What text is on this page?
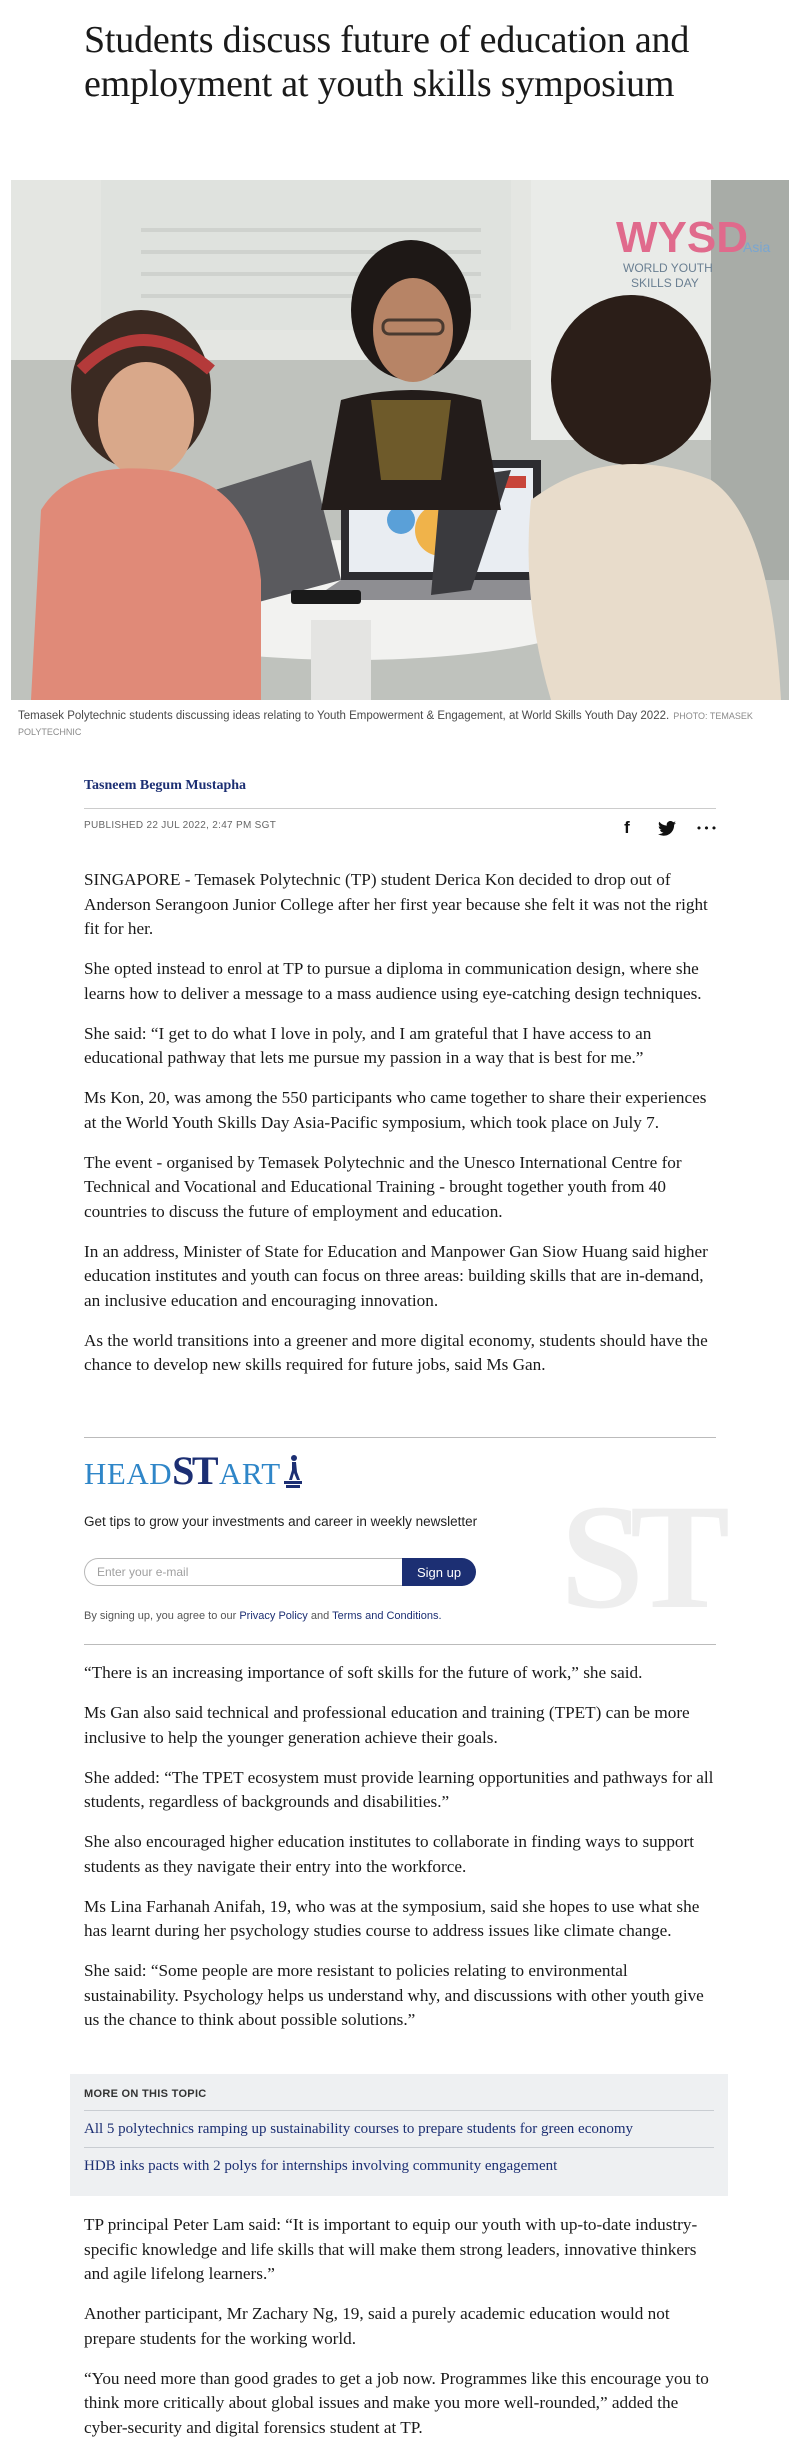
Students discuss future of education and employment at youth skills symposium
WYSD
Asia
WORLD YOUTH
SKILLS DAY
Temasek Polytechnic students discussing ideas relating to Youth Empowerment & Engagement, at World Skills Youth Day 2022. PHOTO: TEMASEK POLYTECHNIC
Tasneem Begum Mustapha
PUBLISHED 22 JUL 2022, 2:47 PM SGT	f	•••

SINGAPORE - Temasek Polytechnic (TP) student Derica Kon decided to drop out of Anderson Serangoon Junior College after her first year because she felt it was not the right fit for her.

She opted instead to enrol at TP to pursue a diploma in communication design, where she learns how to deliver a message to a mass audience using eye-catching design techniques.

She said: “I get to do what I love in poly, and I am grateful that I have access to an educational pathway that lets me pursue my passion in a way that is best for me.”

Ms Kon, 20, was among the 550 participants who came together to share their experiences at the World Youth Skills Day Asia-Pacific symposium, which took place on July 7.

The event - organised by Temasek Polytechnic and the Unesco International Centre for Technical and Vocational and Educational Training - brought together youth from 40 countries to discuss the future of employment and education.

In an address, Minister of State for Education and Manpower Gan Siow Huang said higher education institutes and youth can focus on three areas: building skills that are in-demand, an inclusive education and encouraging innovation.

As the world transitions into a greener and more digital economy, students should have the chance to develop new skills required for future jobs, said Ms Gan.

ST
HEADSTART
Get tips to grow your investments and career in weekly newsletter
Enter your e-mail
Sign up
By signing up, you agree to our Privacy Policy and Terms and Conditions.

“There is an increasing importance of soft skills for the future of work,” she said.

Ms Gan also said technical and professional education and training (TPET) can be more inclusive to help the younger generation achieve their goals.

She added: “The TPET ecosystem must provide learning opportunities and pathways for all students, regardless of backgrounds and disabilities.”

She also encouraged higher education institutes to collaborate in finding ways to support students as they navigate their entry into the workforce.

Ms Lina Farhanah Anifah, 19, who was at the symposium, said she hopes to use what she has learnt during her psychology studies course to address issues like climate change.

She said: “Some people are more resistant to policies relating to environmental sustainability. Psychology helps us understand why, and discussions with other youth give us the chance to think about possible solutions.”

MORE ON THIS TOPIC
All 5 polytechnics ramping up sustainability courses to prepare students for green economy
HDB inks pacts with 2 polys for internships involving community engagement

TP principal Peter Lam said: “It is important to equip our youth with up-to-date industry-specific knowledge and life skills that will make them strong leaders, innovative thinkers and agile lifelong learners.”

Another participant, Mr Zachary Ng, 19, said a purely academic education would not prepare students for the working world.

“You need more than good grades to get a job now. Programmes like this encourage you to think more critically about global issues and make you more well-rounded,” added the cyber-security and digital forensics student at TP.
